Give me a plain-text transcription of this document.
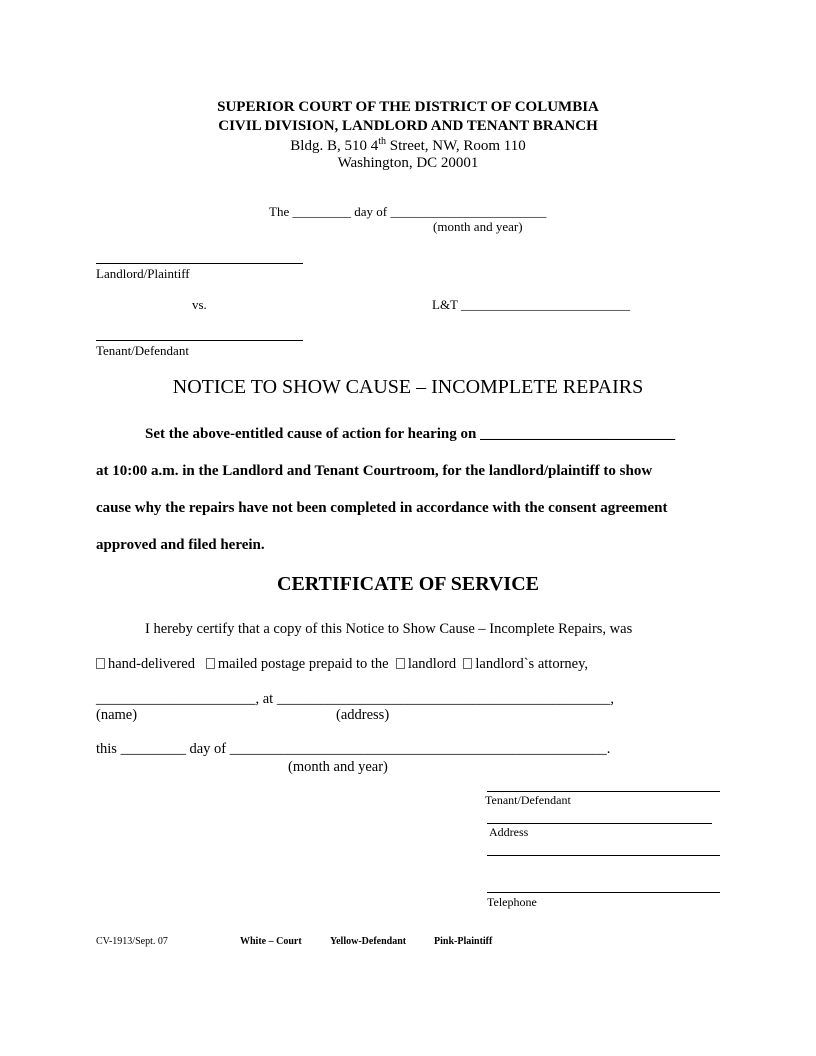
SUPERIOR COURT OF THE DISTRICT OF COLUMBIA
CIVIL DIVISION, LANDLORD AND TENANT BRANCH
Bldg. B, 510 4th Street, NW, Room 110
Washington, DC 20001
The _________ day of ________________________
(month and year)
Landlord/Plaintiff
vs.	L&T __________________________
Tenant/Defendant
NOTICE TO SHOW CAUSE – INCOMPLETE REPAIRS
Set the above-entitled cause of action for hearing on __________________________
at 10:00 a.m. in the Landlord and Tenant Courtroom, for the landlord/plaintiff to show
cause why the repairs have not been completed in accordance with the consent agreement
approved and filed herein.
CERTIFICATE OF SERVICE
I hereby certify that a copy of this Notice to Show Cause – Incomplete Repairs, was
hand-delivered mailed postage prepaid to the landlord landlord`s attorney,
______________________, at ______________________________________________,
(name)	(address)
this _________ day of ____________________________________________________.
(month and year)
Tenant/Defendant
Address
Telephone
CV-1913/Sept. 07	White – Court	Yellow-Defendant	Pink-Plaintiff
